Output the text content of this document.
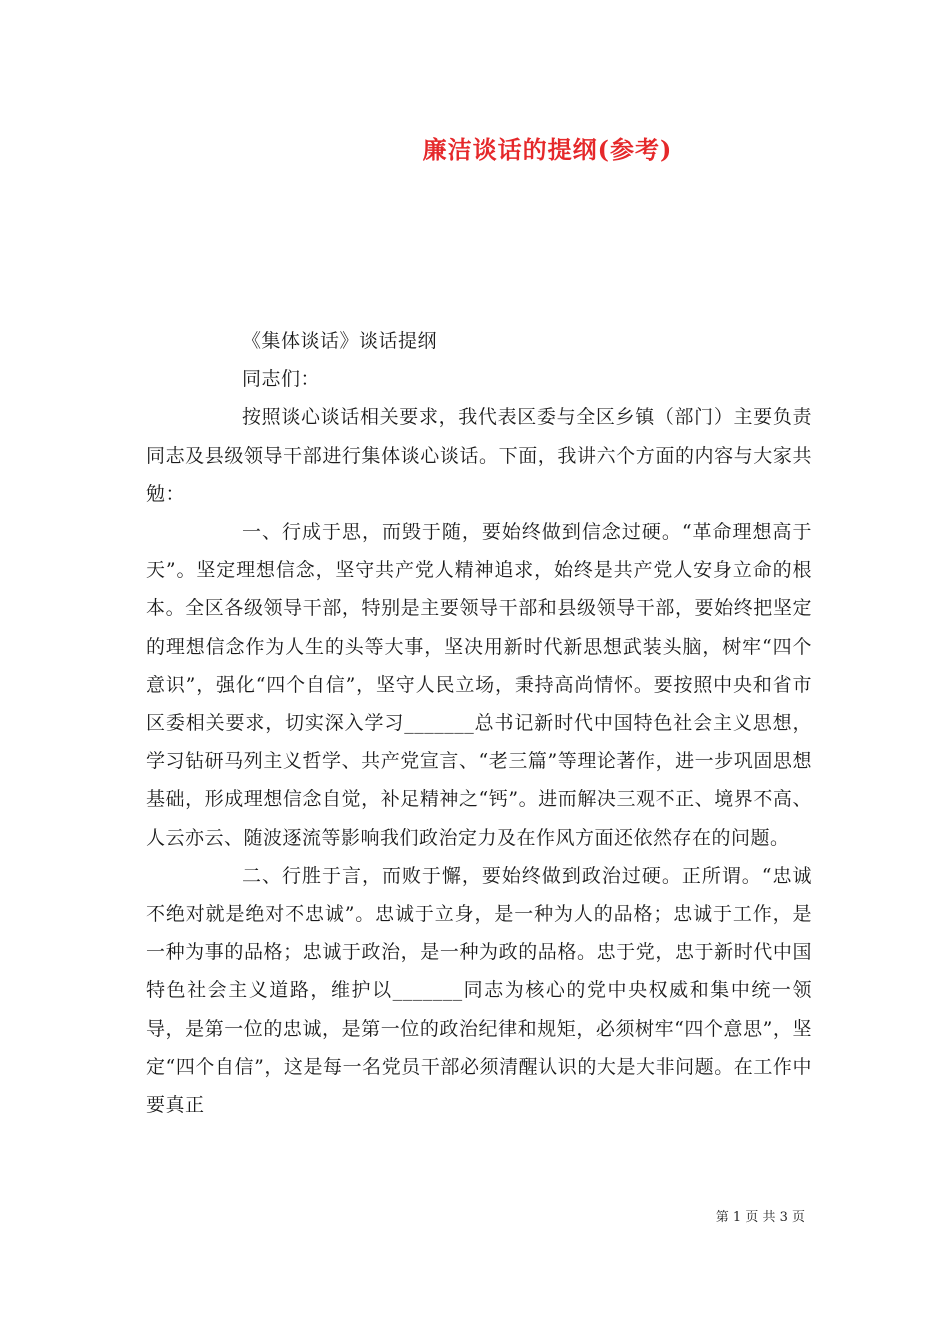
廉洁谈话的提纲(参考)

《集体谈话》谈话提纲

同志们：

按照谈心谈话相关要求，我代表区委与全区乡镇（部门）主要负责同志及县级领导干部进行集体谈心谈话。下面，我讲六个方面的内容与大家共勉：

一、行成于思，而毁于随，要始终做到信念过硬。“革命理想高于天”。坚定理想信念，坚守共产党人精神追求，始终是共产党人安身立命的根本。全区各级领导干部，特别是主要领导干部和县级领导干部，要始终把坚定的理想信念作为人生的头等大事，坚决用新时代新思想武装头脑，树牢“四个意识”，强化“四个自信”，坚守人民立场，秉持高尚情怀。要按照中央和省市区委相关要求，切实深入学习_______总书记新时代中国特色社会主义思想，学习钻研马列主义哲学、共产党宣言、“老三篇”等理论著作，进一步巩固思想基础，形成理想信念自觉，补足精神之“钙”。进而解决三观不正、境界不高、人云亦云、随波逐流等影响我们政治定力及在作风方面还依然存在的问题。

二、行胜于言，而败于懈，要始终做到政治过硬。正所谓。“忠诚不绝对就是绝对不忠诚”。忠诚于立身，是一种为人的品格；忠诚于工作，是一种为事的品格；忠诚于政治，是一种为政的品格。忠于党，忠于新时代中国特色社会主义道路，维护以_______同志为核心的党中央权威和集中统一领导，是第一位的忠诚，是第一位的政治纪律和规矩，必须树牢“四个意思”，坚定“四个自信”，这是每一名党员干部必须清醒认识的大是大非问题。在工作中要真正

第 1 页 共 3 页
